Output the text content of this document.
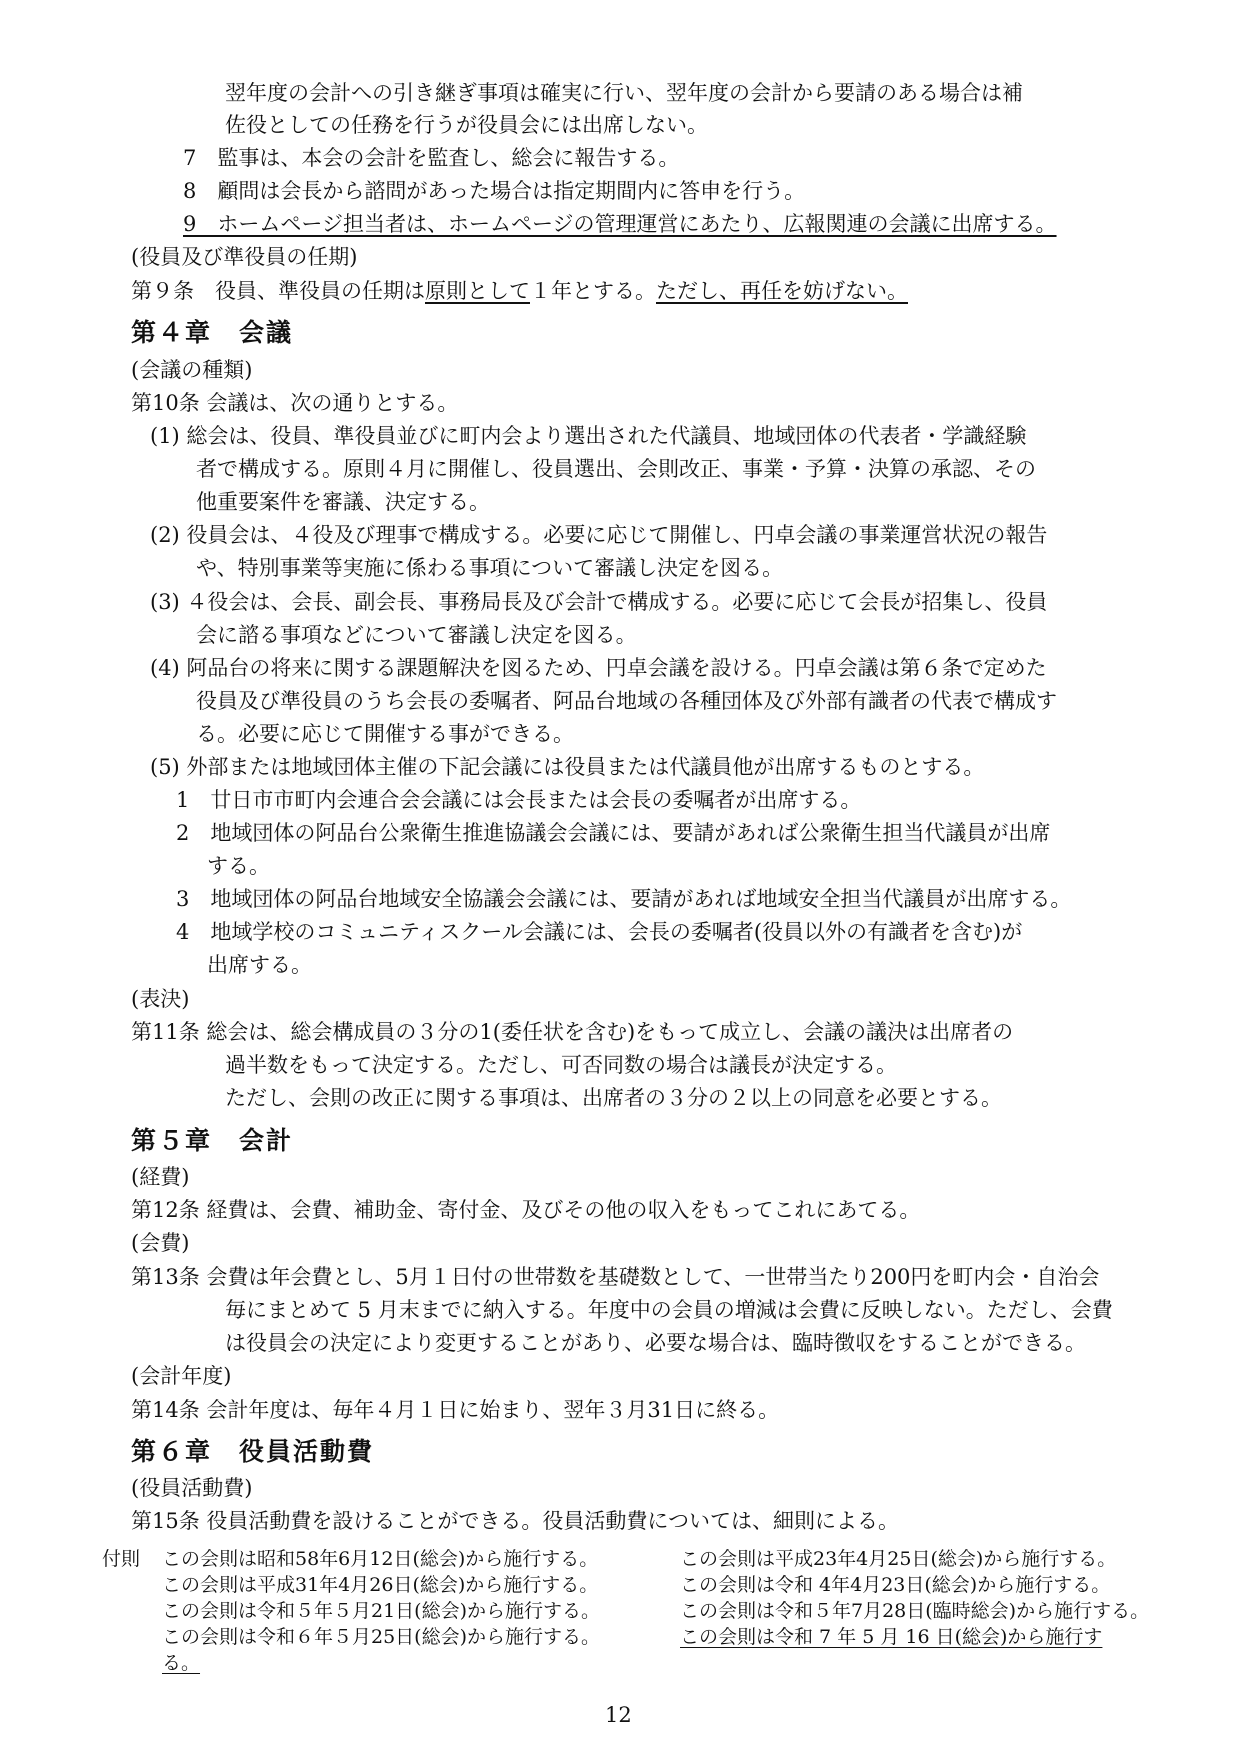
翌年度の会計への引き継ぎ事項は確実に行い、翌年度の会計から要請のある場合は補
佐役としての任務を行うが役員会には出席しない。
7　監事は、本会の会計を監査し、総会に報告する。
8　顧問は会長から諮問があった場合は指定期間内に答申を行う。
9　ホームページ担当者は、ホームページの管理運営にあたり、広報関連の会議に出席する。
(役員及び準役員の任期)
第９条　役員、準役員の任期は原則として１年とする。ただし、再任を妨げない。
第４章　会議
(会議の種類)
第10条 会議は、次の通りとする。
(1) 総会は、役員、準役員並びに町内会より選出された代議員、地域団体の代表者・学識経験
者で構成する。原則４月に開催し、役員選出、会則改正、事業・予算・決算の承認、その
他重要案件を審議、決定する。
(2) 役員会は、４役及び理事で構成する。必要に応じて開催し、円卓会議の事業運営状況の報告
や、特別事業等実施に係わる事項について審議し決定を図る。
(3) ４役会は、会長、副会長、事務局長及び会計で構成する。必要に応じて会長が招集し、役員
会に諮る事項などについて審議し決定を図る。
(4) 阿品台の将来に関する課題解決を図るため、円卓会議を設ける。円卓会議は第６条で定めた
役員及び準役員のうち会長の委嘱者、阿品台地域の各種団体及び外部有識者の代表で構成す
る。必要に応じて開催する事ができる。
(5) 外部または地域団体主催の下記会議には役員または代議員他が出席するものとする。
1　廿日市市町内会連合会会議には会長または会長の委嘱者が出席する。
2　地域団体の阿品台公衆衛生推進協議会会議には、要請があれば公衆衛生担当代議員が出席
する。
3　地域団体の阿品台地域安全協議会会議には、要請があれば地域安全担当代議員が出席する。
4　地域学校のコミュニティスクール会議には、会長の委嘱者(役員以外の有識者を含む)が
出席する。
(表決)
第11条 総会は、総会構成員の３分の1(委任状を含む)をもって成立し、会議の議決は出席者の
過半数をもって決定する。ただし、可否同数の場合は議長が決定する。
ただし、会則の改正に関する事項は、出席者の３分の２以上の同意を必要とする。
第５章　会計
(経費)
第12条 経費は、会費、補助金、寄付金、及びその他の収入をもってこれにあてる。
(会費)
第13条 会費は年会費とし、5月１日付の世帯数を基礎数として、一世帯当たり200円を町内会・自治会
毎にまとめて 5 月末までに納入する。年度中の会員の増減は会費に反映しない。ただし、会費
は役員会の決定により変更することがあり、必要な場合は、臨時徴収をすることができる。
(会計年度)
第14条 会計年度は、毎年４月１日に始まり、翌年３月31日に終る。
第６章　役員活動費
(役員活動費)
第15条 役員活動費を設けることができる。役員活動費については、細則による。
付則 この会則は昭和58年6月12日(総会)から施行する。
この会則は平成31年4月26日(総会)から施行する。
この会則は令和５年５月21日(総会)から施行する。
この会則は令和６年５月25日(総会)から施行する。
この会則は平成23年4月25日(総会)から施行する。
この会則は令和 4年4月23日(総会)から施行する。
この会則は令和５年7月28日(臨時総会)から施行する。
この会則は令和 7 年 5 月 16 日(総会)から施行す
る。
12
